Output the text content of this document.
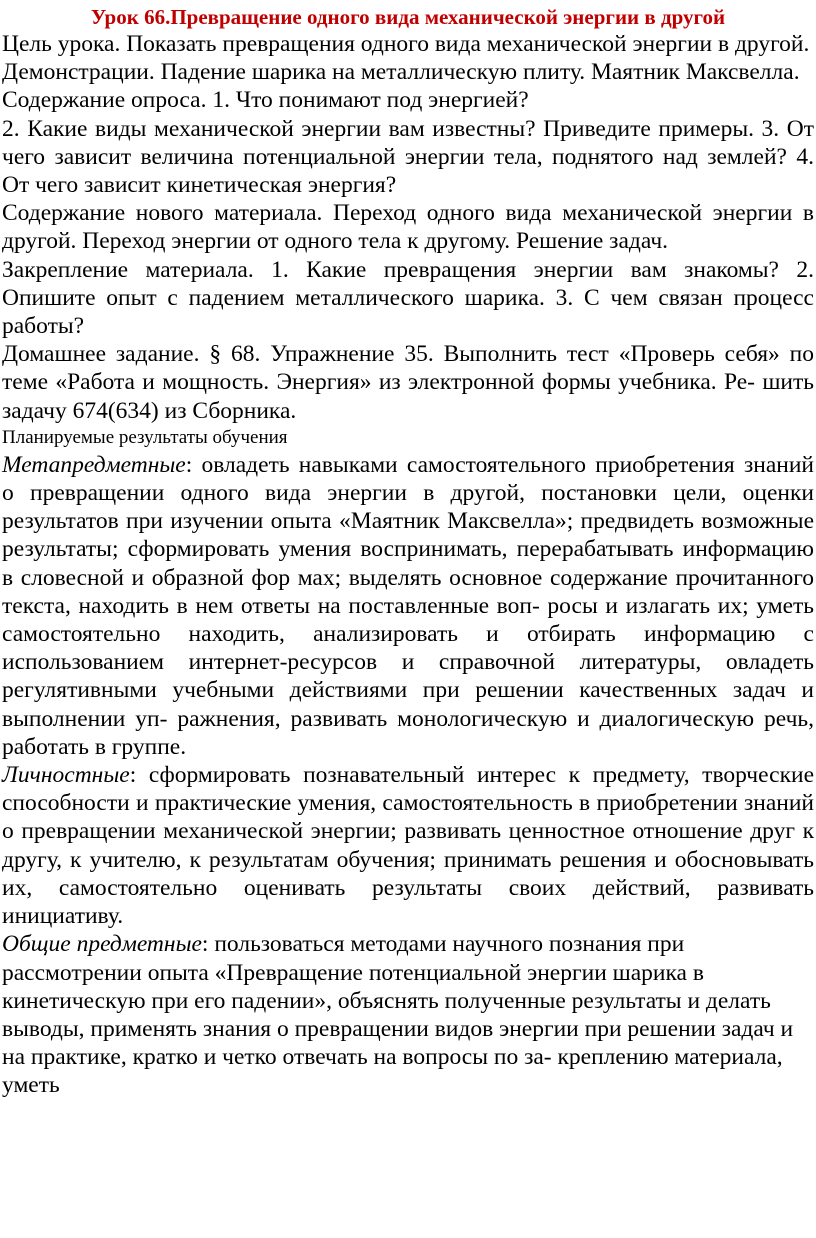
Урок 66.Превращение одного вида механической энергии в другой

Цель урока. Показать превращения одного вида механической энергии в другой.

Демонстрации. Падение шарика на металлическую плиту. Маятник Максвелла.

Содержание опроса. 1. Что понимают под энергией?

2. Какие виды механической энергии вам известны? Приведите примеры. 3. От чего зависит величина потенциальной энергии тела, поднятого над землей? 4. От чего зависит кинетическая энергия?

Содержание нового материала. Переход одного вида механической энергии в другой. Переход энергии от одного тела к другому. Решение задач.

Закрепление материала. 1. Какие превращения энергии вам знакомы? 2. Опишите опыт с падением металлического шарика. 3. С чем связан процесс работы?

Домашнее задание. § 68. Упражнение 35. Выполнить тест «Проверь себя» по теме «Работа и мощность. Энергия» из электронной формы учебника. Ре- шить задачу 674(634) из Сборника.

Планируемые результаты обучения

Метапредметные: овладеть навыками самостоятельного приобретения знаний о превращении одного вида энергии в другой, постановки цели, оценки результатов при изучении опыта «Маятник Максвелла»; предвидеть возможные результаты; сформировать умения воспринимать, перерабатывать информацию в словесной и образной фор мах; выделять основное содержание прочитанного текста, находить в нем ответы на поставленные воп- росы и излагать их; уметь самостоятельно находить, анализировать и отбирать информацию с использованием интернет-ресурсов и справочной литературы, овладеть регулятивными учебными действиями при решении качественных задач и выполнении уп- ражнения, развивать монологическую и диалогическую речь, работать в группе.

Личностные: сформировать познавательный интерес к предмету, творческие способности и практические умения, самостоятельность в приобретении знаний о превращении механической энергии; развивать ценностное отношение друг к другу, к учителю, к результатам обучения; принимать решения и обосновывать их, самостоятельно оценивать результаты своих действий, развивать инициативу.

Общие предметные: пользоваться методами научного познания при рассмотрении опыта «Превращение потенциальной энергии шарика в кинетическую при его падении», объяснять полученные результаты и делать выводы, применять знания о превращении видов энергии при решении задач и на практике, кратко и четко отвечать на вопросы по за- креплению материала, уметь
